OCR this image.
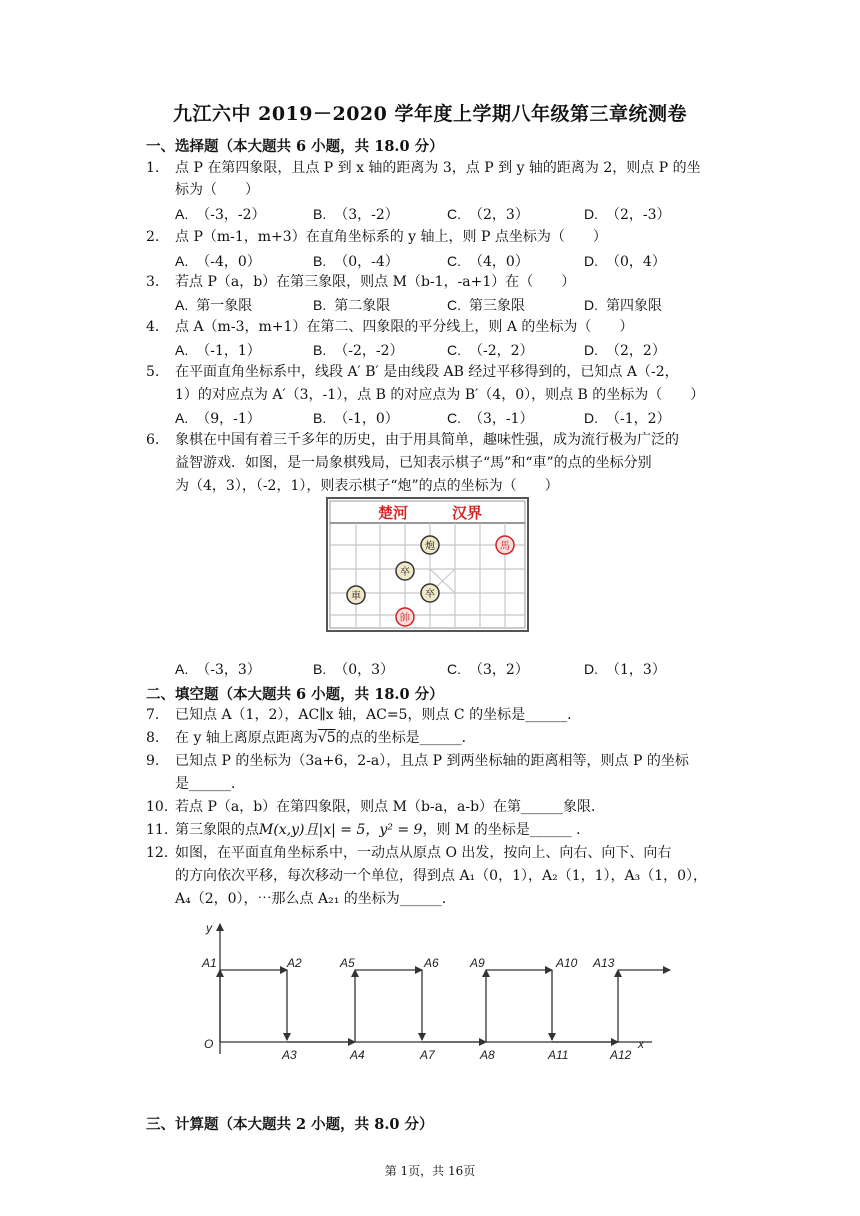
九江六中 2019－2020 学年度上学期八年级第三章统测卷
一、选择题（本大题共 6 小题，共 18.0 分）
1. 点 P 在第四象限，且点 P 到 x 轴的距离为 3，点 P 到 y 轴的距离为 2，则点 P 的坐
标为（　　）
A. （-3，-2）	B. （3，-2）	C. （2，3）	D. （2，-3）
2. 点 P（m-1，m+3）在直角坐标系的 y 轴上，则 P 点坐标为（　　）
A. （-4，0）	B. （0，-4）	C. （4，0）	D. （0，4）
3. 若点 P（a，b）在第三象限，则点 M（b-1，-a+1）在（　　）
A. 第一象限	B. 第二象限	C. 第三象限	D. 第四象限
4. 点 A（m-3，m+1）在第二、四象限的平分线上，则 A 的坐标为（　　）
A. （-1，1）	B. （-2，-2）	C. （-2，2）	D. （2，2）
5. 在平面直角坐标系中，线段 A′ B′ 是由线段 AB 经过平移得到的，已知点 A（-2，
1）的对应点为 A′（3，-1），点 B 的对应点为 B′（4，0），则点 B 的坐标为（　　）
A. （9，-1）	B. （-1，0）	C. （3，-1）	D. （-1，2）
6. 象棋在中国有着三千多年的历史，由于用具简单，趣味性强，成为流行极为广泛的
益智游戏．如图，是一局象棋残局，已知表示棋子“馬”和“車”的点的坐标分别
为（4，3），（-2，1），则表示棋子“炮”的点的坐标为（　　）
楚河	汉界
炮	馬
卒
卒
車
帥
A. （-3，3）	B. （0，3）	C. （3，2）	D. （1，3）
二、填空题（本大题共 6 小题，共 18.0 分）
7. 已知点 A（1，2），AC∥x 轴，AC=5，则点 C 的坐标是______．
8. 在 y 轴上离原点距离为√5的点的坐标是______．
9. 已知点 P 的坐标为（3a+6，2-a），且点 P 到两坐标轴的距离相等，则点 P 的坐标
是______．
10. 若点 P（a，b）在第四象限，则点 M（b-a，a-b）在第______象限．
11. 第三象限的点M(x,y)且|x| = 5，y² = 9，则 M 的坐标是______ ．
12. 如图，在平面直角坐标系中，一动点从原点 O 出发，按向上、向右、向下、向右
的方向依次平移，每次移动一个单位，得到点 A₁（0，1），A₂（1，1），A₃（1，0），
A₄（2，0），⋯那么点 A₂₁ 的坐标为______．
y
x
O
A1	A2
A3	A4
A5	A6
A7	A8
A9	A10
A11	A12
A13
三、计算题（本大题共 2 小题，共 8.0 分）
第 1页，共 16页
